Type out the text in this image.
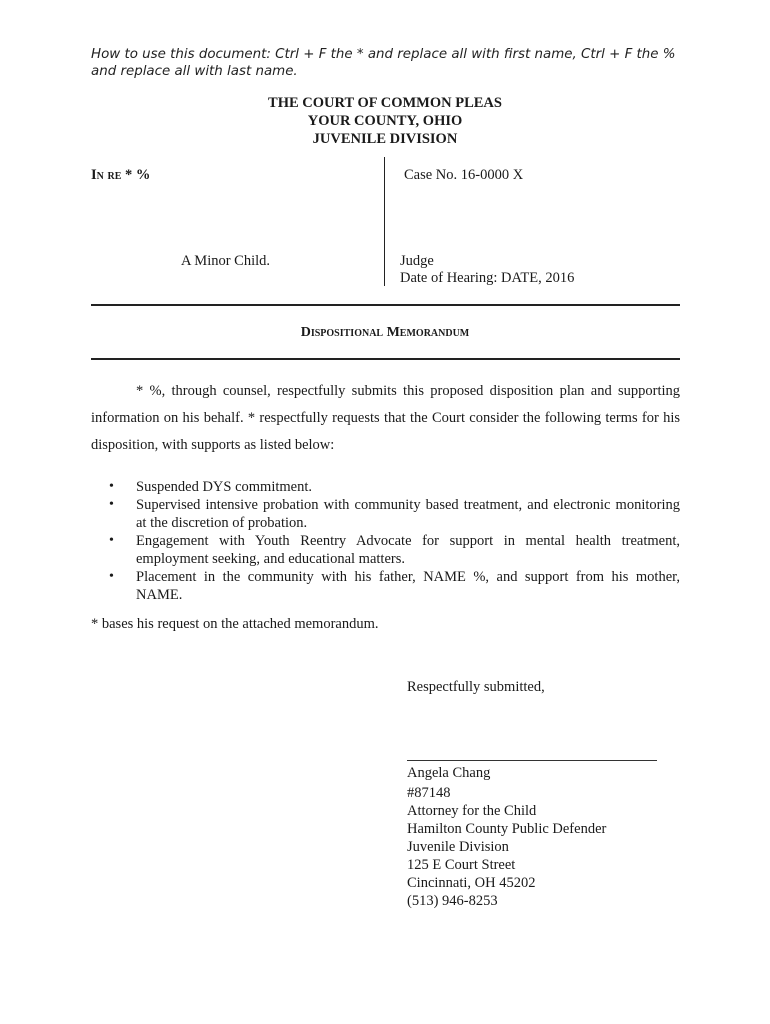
How to use this document: Ctrl + F the * and replace all with first name, Ctrl + F the % and replace all with last name.
THE COURT OF COMMON PLEAS
YOUR COUNTY, OHIO
JUVENILE DIVISION
In re * %
A Minor Child.
Case No. 16-0000 X
Judge
Date of Hearing: DATE, 2016
Dispositional Memorandum
* %, through counsel, respectfully submits this proposed disposition plan and supporting information on his behalf. * respectfully requests that the Court consider the following terms for his disposition, with supports as listed below:
• Suspended DYS commitment.
• Supervised intensive probation with community based treatment, and electronic monitoring at the discretion of probation.
• Engagement with Youth Reentry Advocate for support in mental health treatment, employment seeking, and educational matters.
• Placement in the community with his father, NAME %, and support from his mother, NAME.
* bases his request on the attached memorandum.
Respectfully submitted,
Angela Chang
#87148
Attorney for the Child
Hamilton County Public Defender
Juvenile Division
125 E Court Street
Cincinnati, OH 45202
(513) 946-8253
